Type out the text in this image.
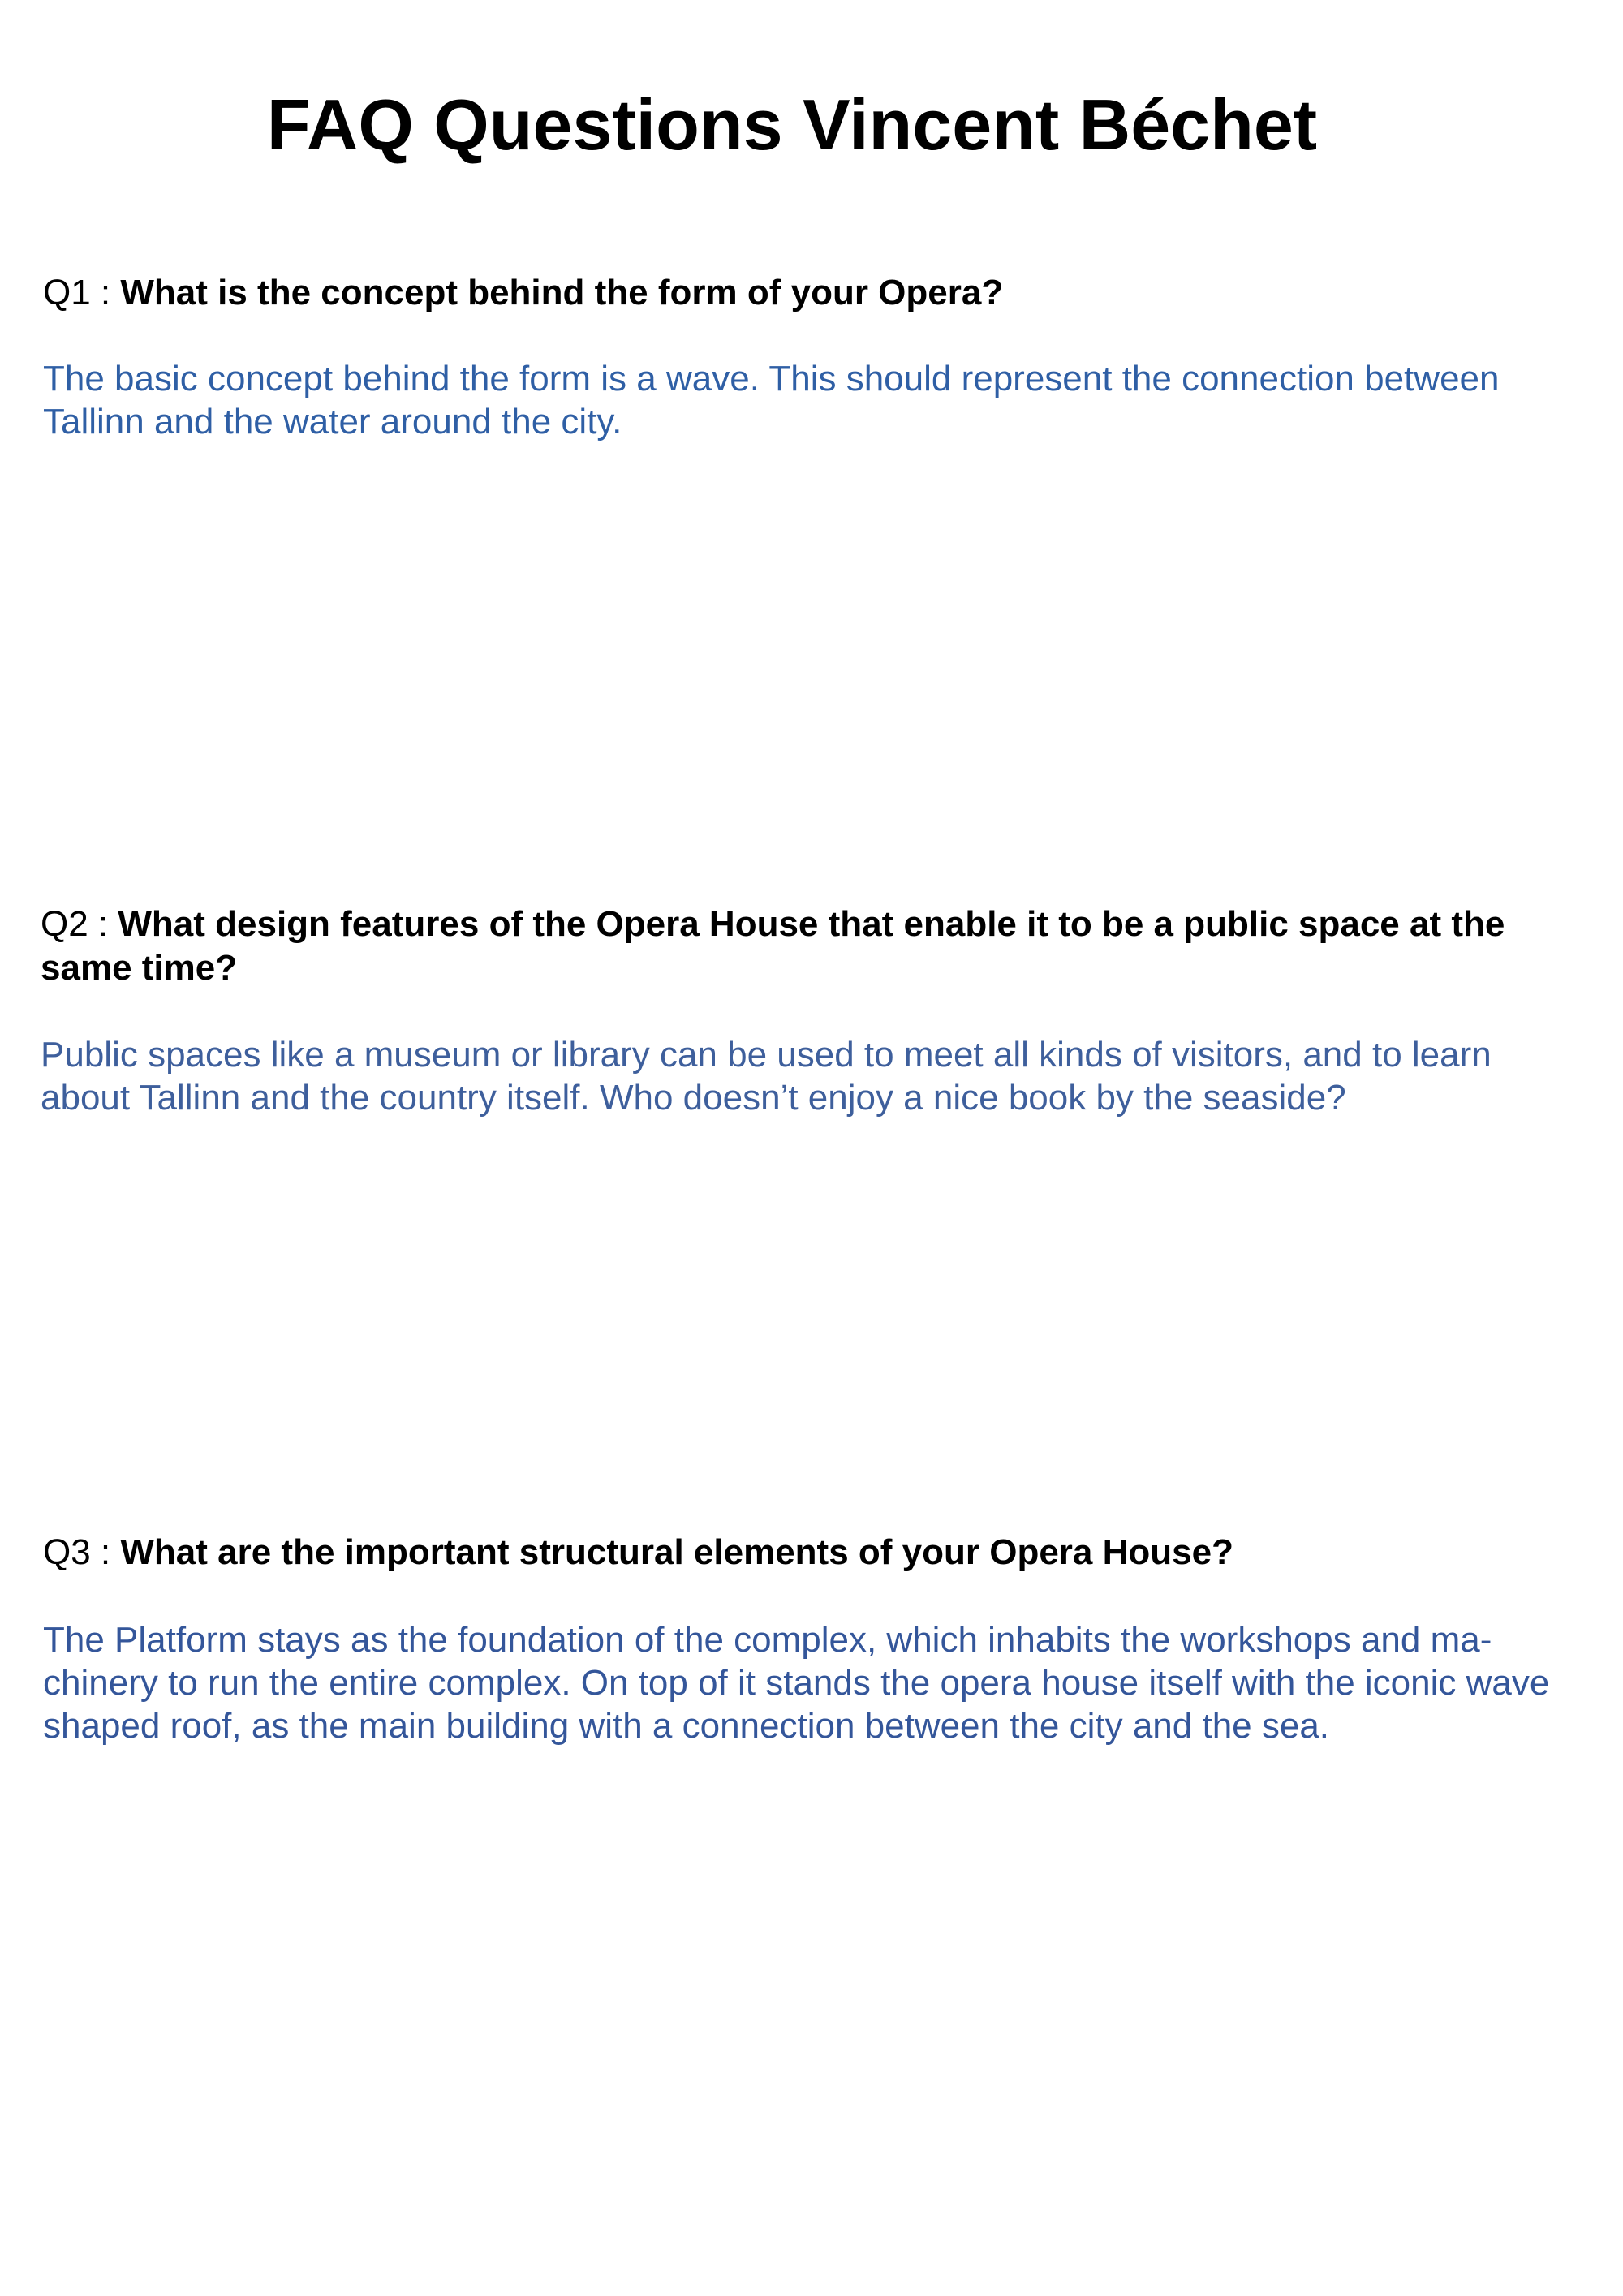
FAQ Questions Vincent Béchet

Q1 : What is the concept behind the form of your Opera?

The basic concept behind the form is a wave. This should represent the connection between Tallinn and the water around the city.

Q2 : What design features of the Opera House that enable it to be a public space at the same time?

Public spaces like a museum or library can be used to meet all kinds of visitors, and to learn about Tallinn and the country itself. Who doesn’t enjoy a nice book by the seaside?

Q3 : What are the important structural elements of your Opera House?

The Platform stays as the foundation of the complex, which inhabits the workshops and ma-chinery to run the entire complex. On top of it stands the opera house itself with the iconic wave shaped roof, as the main building with a connection between the city and the sea.
